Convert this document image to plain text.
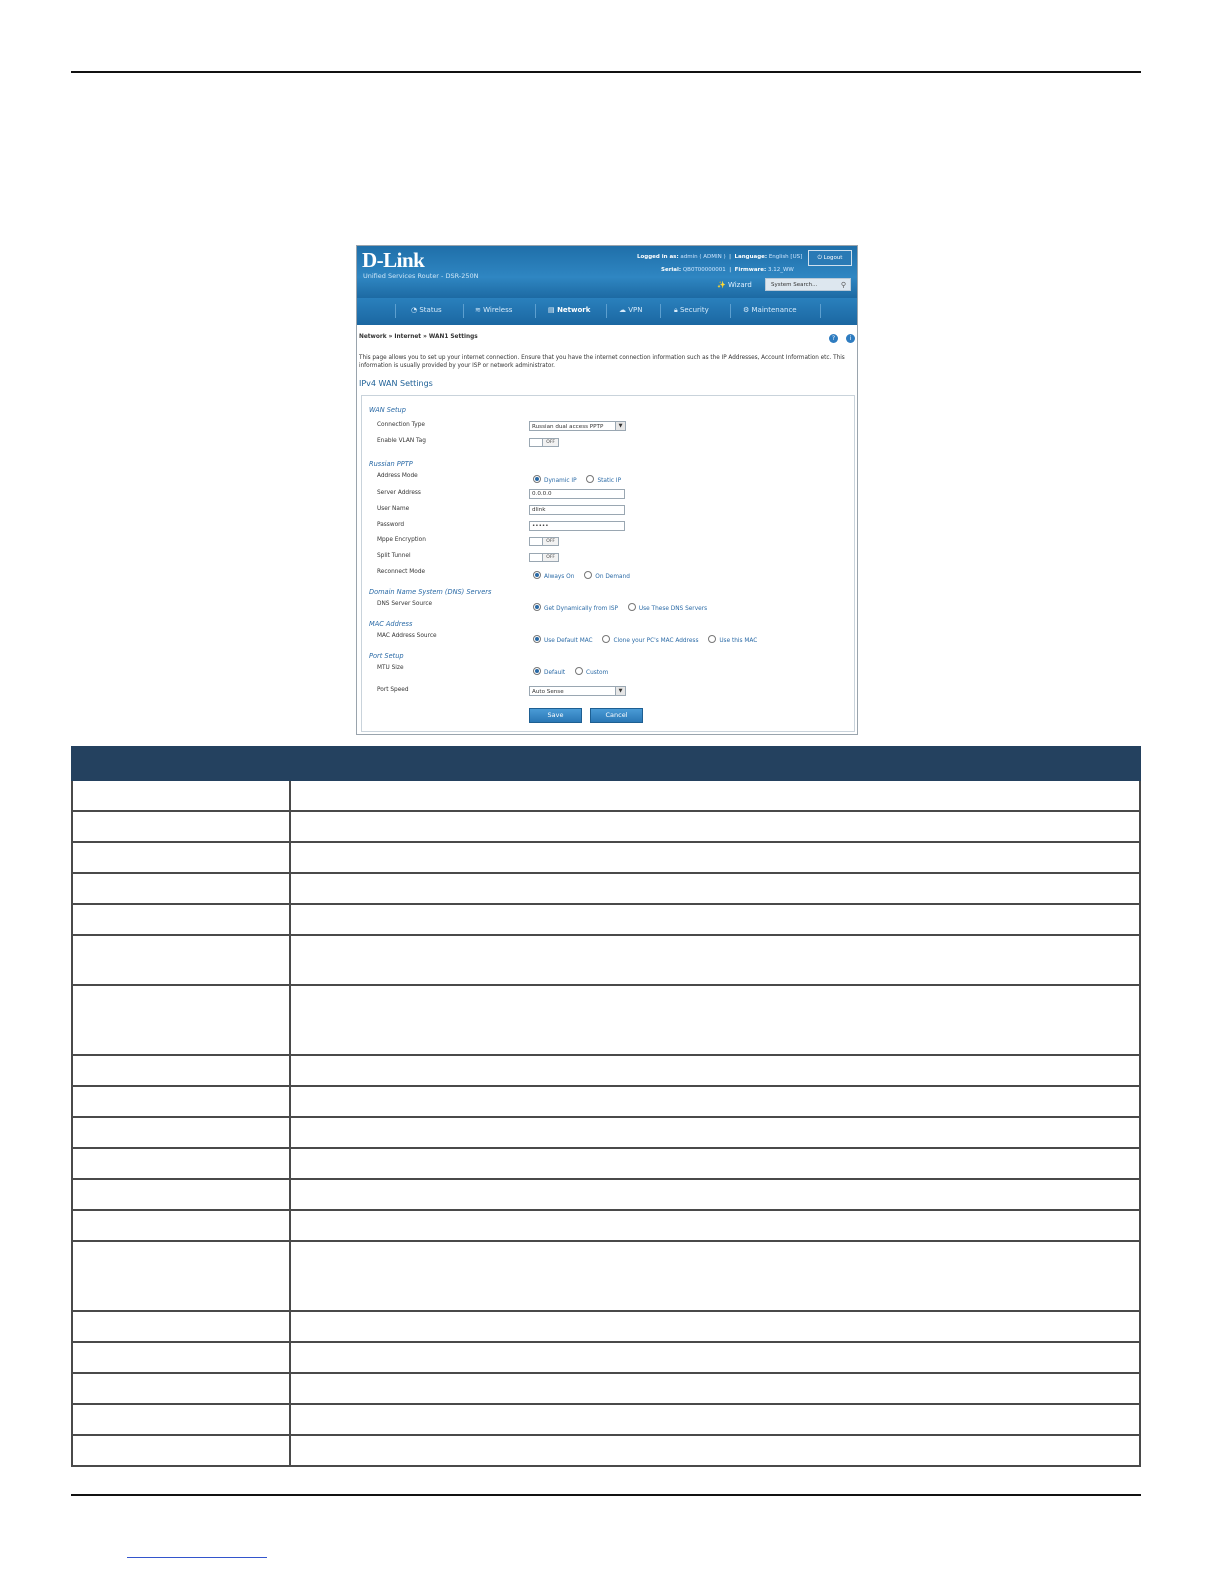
D-Link
Unified Services Router - DSR-250N
Logged in as: admin ( ADMIN )  |  Language: English [US]
Serial: QB0T00000001  |  Firmware: 3.12_WW
⏻ Logout
✨ Wizard	System Search...	⚲
◔ Status	≋ Wireless	▤ Network	☁ VPN	🔒︎ Security	⚙ Maintenance
Network » Internet » WAN1 Settings	?	i
This page allows you to set up your internet connection. Ensure that you have the internet connection information such as the IP Addresses, Account Information etc. This information is usually provided by your ISP or network administrator.
IPv4 WAN Settings
WAN Setup
Connection Type	Russian dual access PPTP	▼
Enable VLAN Tag	OFF
Russian PPTP
Address Mode
Dynamic IP	Static IP
Server Address	0.0.0.0
User Name	dlink
Password	•••••
Mppe Encryption	OFF
Split Tunnel	OFF
Reconnect Mode
Always On	On Demand
Domain Name System (DNS) Servers
DNS Server Source
Get Dynamically from ISP	Use These DNS Servers
MAC Address
MAC Address Source
Use Default MAC	Clone your PC's MAC Address	Use this MAC
Port Setup
MTU Size
Default	Custom
Port Speed	Auto Sense	▼
Save	Cancel
